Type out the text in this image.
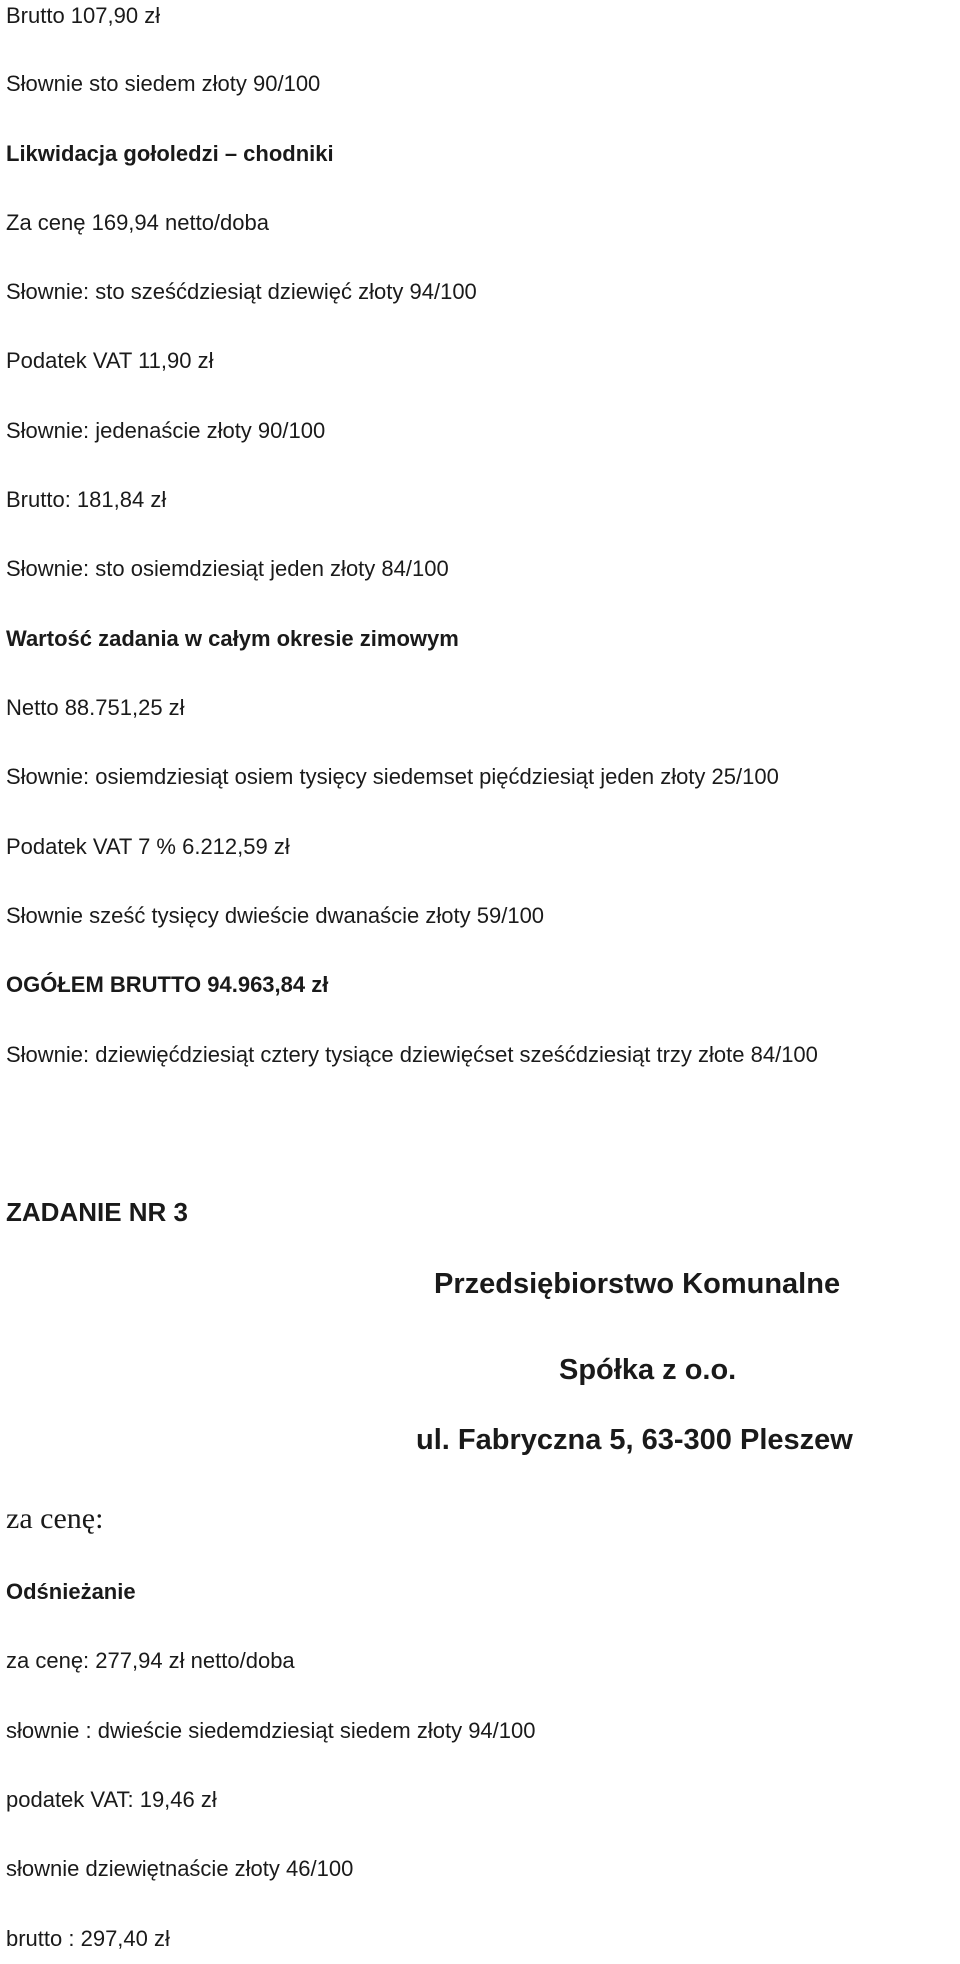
Brutto 107,90 zł
Słownie sto siedem złoty 90/100
Likwidacja gołoledzi – chodniki
Za cenę 169,94 netto/doba
Słownie: sto sześćdziesiąt dziewięć złoty 94/100
Podatek VAT 11,90 zł
Słownie: jedenaście złoty 90/100
Brutto: 181,84 zł
Słownie: sto osiemdziesiąt jeden złoty 84/100
Wartość zadania w całym okresie zimowym
Netto 88.751,25 zł
Słownie: osiemdziesiąt osiem tysięcy siedemset pięćdziesiąt jeden złoty 25/100
Podatek VAT 7 % 6.212,59 zł
Słownie sześć tysięcy dwieście dwanaście złoty 59/100
OGÓŁEM BRUTTO 94.963,84 zł
Słownie: dziewięćdziesiąt cztery tysiące dziewięćset sześćdziesiąt trzy złote 84/100
ZADANIE NR 3
Przedsiębiorstwo Komunalne
Spółka z o.o.
ul. Fabryczna 5, 63-300 Pleszew
za cenę:
Odśnieżanie
za cenę: 277,94 zł netto/doba
słownie : dwieście siedemdziesiąt siedem złoty 94/100
podatek VAT: 19,46 zł
słownie dziewiętnaście złoty 46/100
brutto : 297,40 zł
